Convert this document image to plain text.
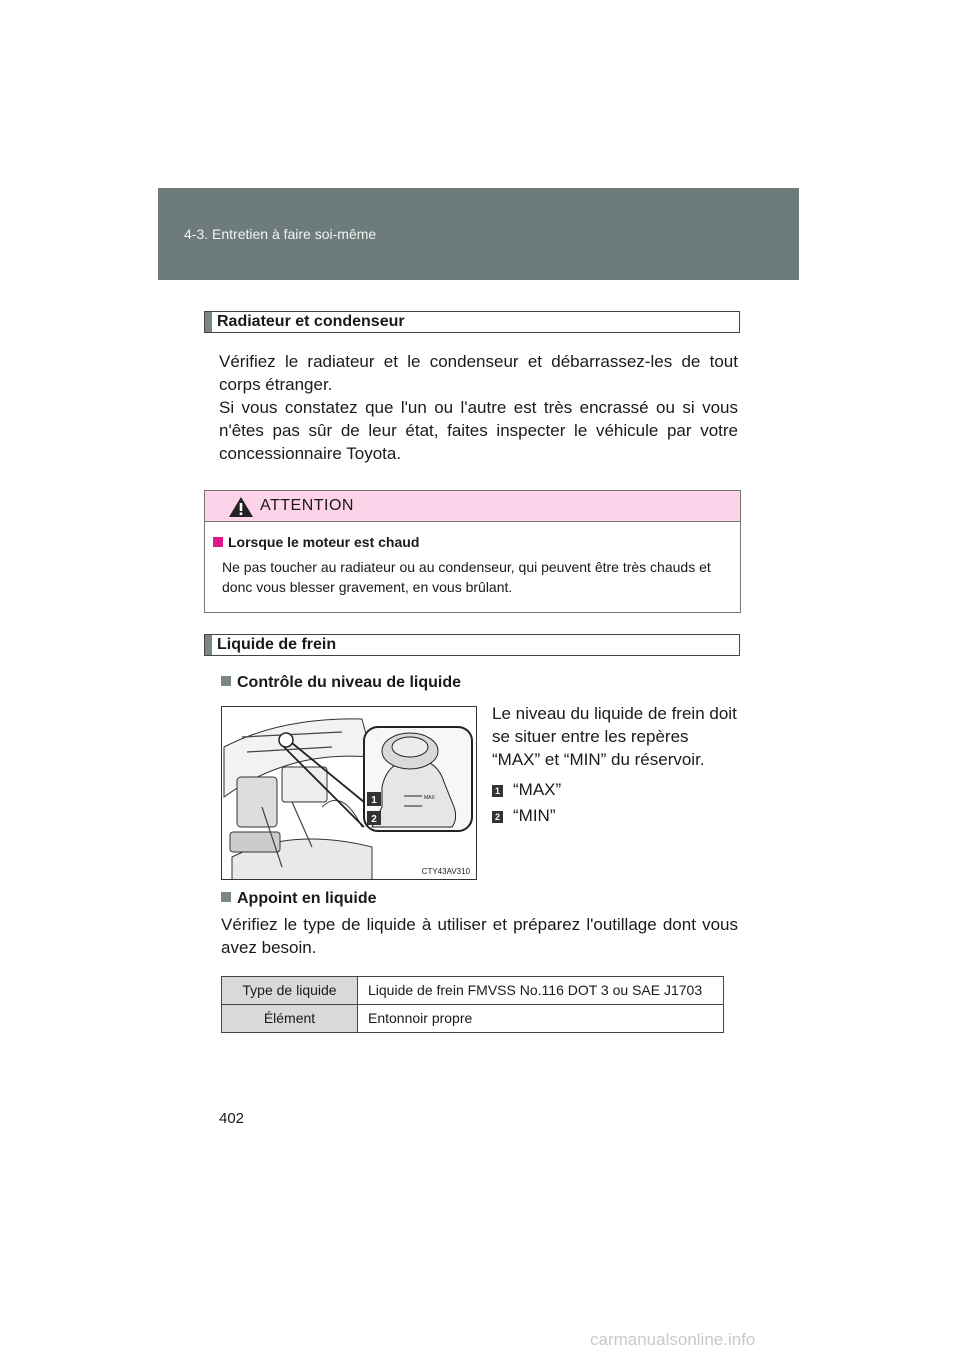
4-3. Entretien à faire soi-même
Radiateur et condenseur

Vérifiez le radiateur et le condenseur et débarrassez-les de tout corps étranger.

Si vous constatez que l'un ou l'autre est très encrassé ou si vous n'êtes pas sûr de leur état, faites inspecter le véhicule par votre concessionnaire Toyota.

ATTENTION
Lorsque le moteur est chaud

Ne pas toucher au radiateur ou au condenseur, qui peuvent être très chauds et donc vous blesser gravement, en vous brûlant.

Liquide de frein
Contrôle du niveau de liquide
MAX
1
2
CTY43AV310

Le niveau du liquide de frein doit se situer entre les repères “MAX” et “MIN” du réservoir.

1 “MAX”
2 “MIN”
Appoint en liquide

Vérifiez le type de liquide à utiliser et préparez l'outillage dont vous avez besoin.

Type de liquide	Liquide de frein FMVSS No.116 DOT 3 ou SAE J1703
Élément	Entonnoir propre
402
carmanualsonline.info
